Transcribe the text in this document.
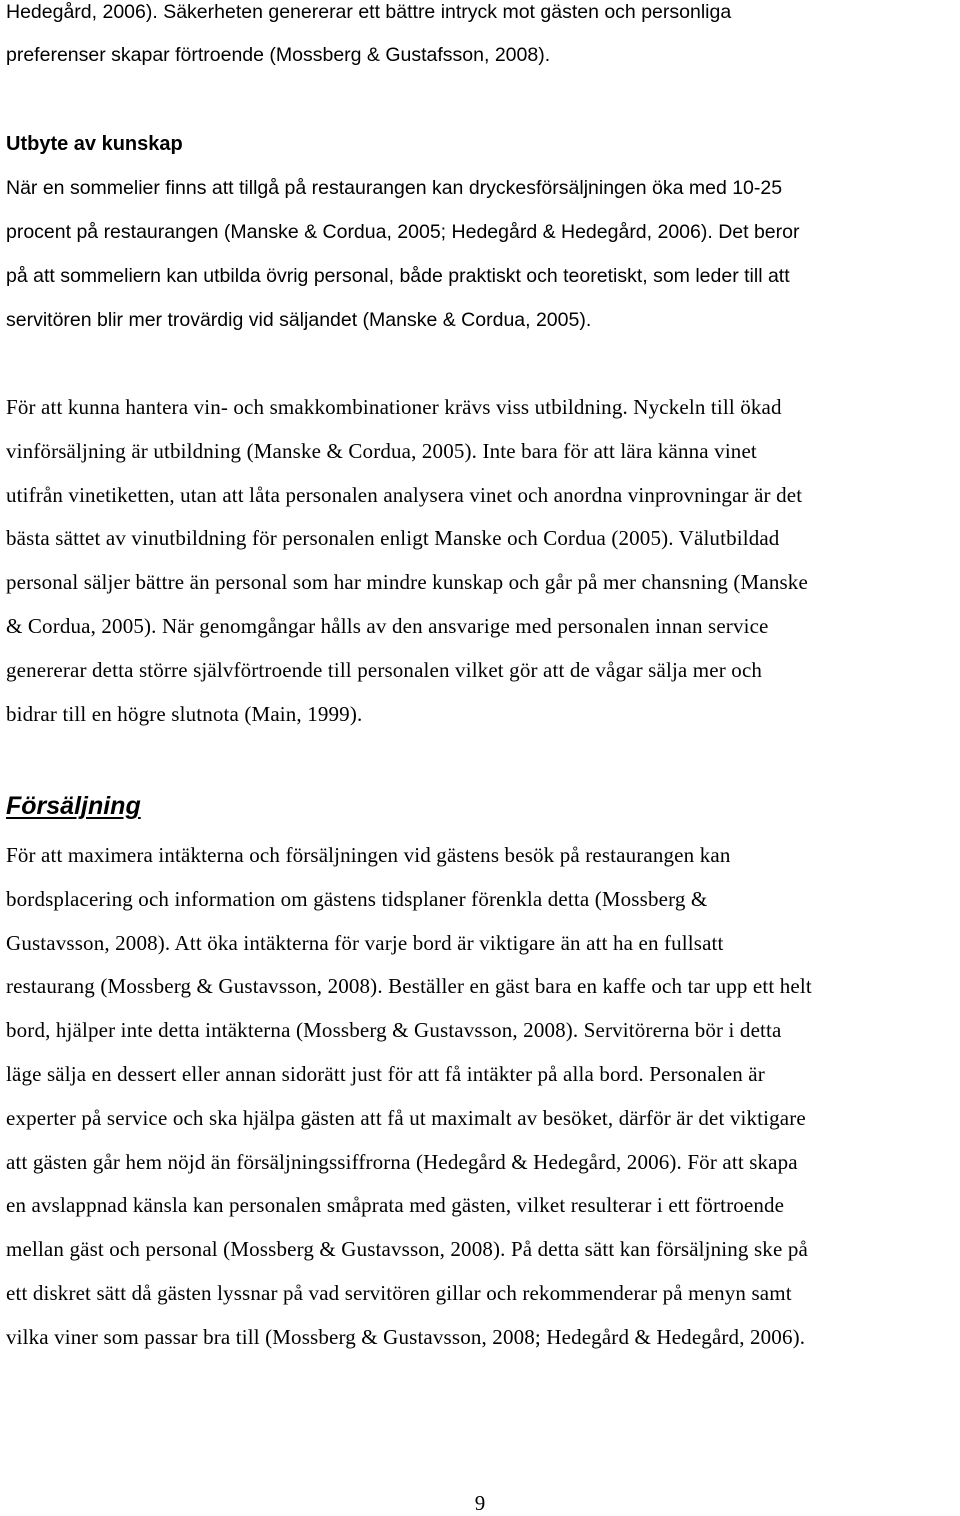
Hedegård, 2006). Säkerheten genererar ett bättre intryck mot gästen och personliga
preferenser skapar förtroende (Mossberg & Gustafsson, 2008).
Utbyte av kunskap
När en sommelier finns att tillgå på restaurangen kan dryckesförsäljningen öka med 10-25
procent på restaurangen (Manske & Cordua, 2005; Hedegård & Hedegård, 2006). Det beror
på att sommeliern kan utbilda övrig personal, både praktiskt och teoretiskt, som leder till att
servitören blir mer trovärdig vid säljandet (Manske & Cordua, 2005).
För att kunna hantera vin- och smakkombinationer krävs viss utbildning. Nyckeln till ökad
vinförsäljning är utbildning (Manske & Cordua, 2005). Inte bara för att lära känna vinet
utifrån vinetiketten, utan att låta personalen analysera vinet och anordna vinprovningar är det
bästa sättet av vinutbildning för personalen enligt Manske och Cordua (2005). Välutbildad
personal säljer bättre än personal som har mindre kunskap och går på mer chansning (Manske
& Cordua, 2005). När genomgångar hålls av den ansvarige med personalen innan service
genererar detta större självförtroende till personalen vilket gör att de vågar sälja mer och
bidrar till en högre slutnota (Main, 1999).
Försäljning
För att maximera intäkterna och försäljningen vid gästens besök på restaurangen kan
bordsplacering och information om gästens tidsplaner förenkla detta (Mossberg &
Gustavsson, 2008). Att öka intäkterna för varje bord är viktigare än att ha en fullsatt
restaurang (Mossberg & Gustavsson, 2008). Beställer en gäst bara en kaffe och tar upp ett helt
bord, hjälper inte detta intäkterna (Mossberg & Gustavsson, 2008). Servitörerna bör i detta
läge sälja en dessert eller annan sidorätt just för att få intäkter på alla bord. Personalen är
experter på service och ska hjälpa gästen att få ut maximalt av besöket, därför är det viktigare
att gästen går hem nöjd än försäljningssiffrorna (Hedegård & Hedegård, 2006). För att skapa
en avslappnad känsla kan personalen småprata med gästen, vilket resulterar i ett förtroende
mellan gäst och personal (Mossberg & Gustavsson, 2008). På detta sätt kan försäljning ske på
ett diskret sätt då gästen lyssnar på vad servitören gillar och rekommenderar på menyn samt
vilka viner som passar bra till (Mossberg & Gustavsson, 2008; Hedegård & Hedegård, 2006).
9
